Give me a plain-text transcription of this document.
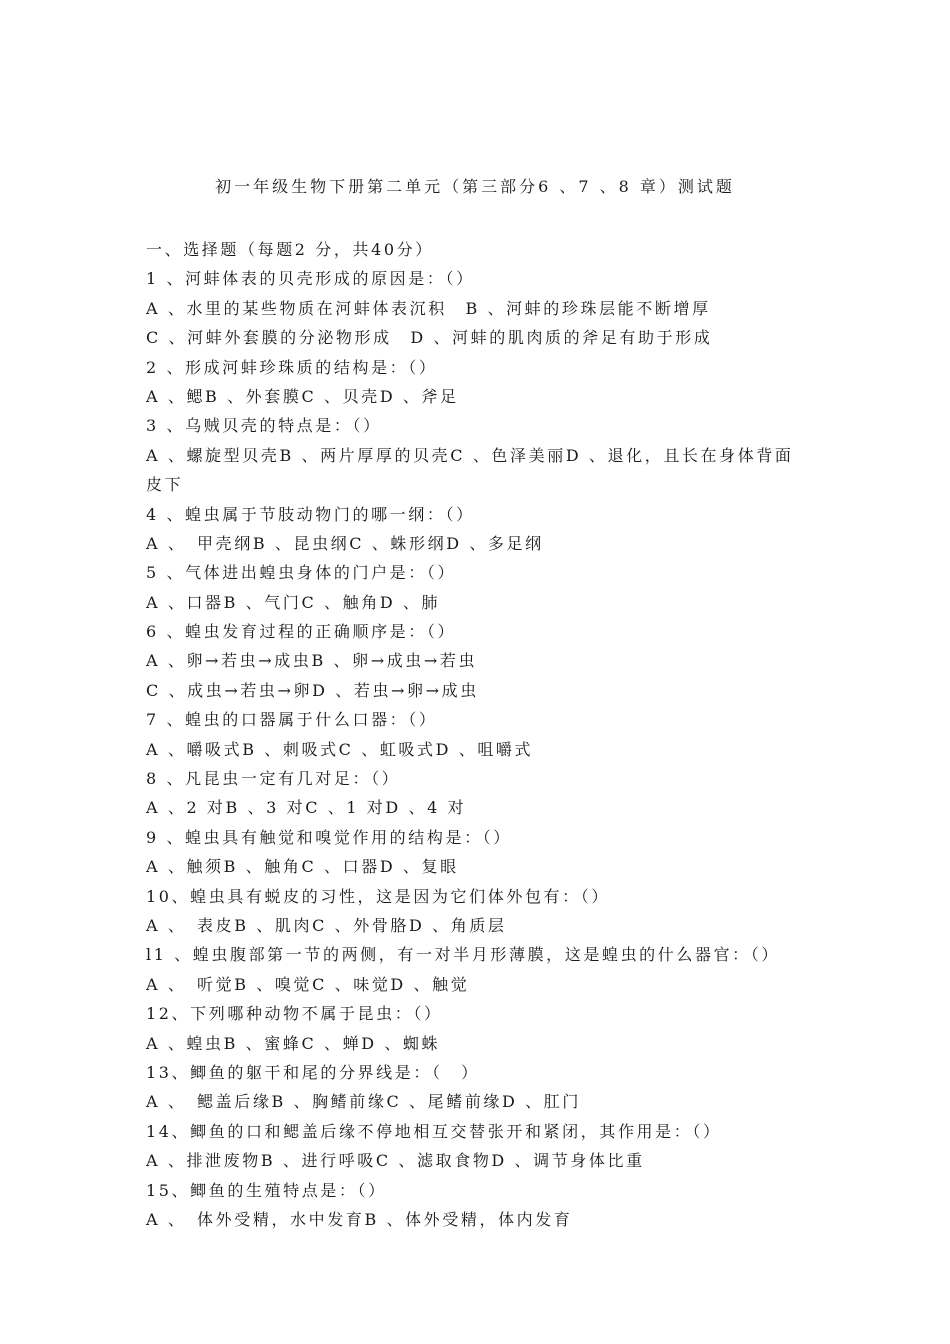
初一年级生物下册第二单元（第三部分6 、7 、8 章）测试题
一、选择题（每题2 分，共40分）
1 、河蚌体表的贝壳形成的原因是：（）
A 、水里的某些物质在河蚌体表沉积　B 、河蚌的珍珠层能不断增厚
C 、河蚌外套膜的分泌物形成　D 、河蚌的肌肉质的斧足有助于形成
2 、形成河蚌珍珠质的结构是：（）
A 、鳃B 、外套膜C 、贝壳D 、斧足
3 、乌贼贝壳的特点是：（）
A 、螺旋型贝壳B 、两片厚厚的贝壳C 、色泽美丽D 、退化，且长在身体背面
皮下
4 、蝗虫属于节肢动物门的哪一纲：（）
A 、　甲壳纲B 、昆虫纲C 、蛛形纲D 、多足纲
5 、气体进出蝗虫身体的门户是：（）
A 、口器B 、气门C 、触角D 、肺
6 、蝗虫发育过程的正确顺序是：（）
A 、卵→若虫→成虫B 、卵→成虫→若虫
C 、成虫→若虫→卵D 、若虫→卵→成虫
7 、蝗虫的口器属于什么口器：（）
A 、嚼吸式B 、刺吸式C 、虹吸式D 、咀嚼式
8 、凡昆虫一定有几对足：（）
A 、2 对B 、3 对C 、1 对D 、4 对
9 、蝗虫具有触觉和嗅觉作用的结构是：（）
A 、触须B 、触角C 、口器D 、复眼
10、蝗虫具有蜕皮的习性，这是因为它们体外包有：（）
A 、　表皮B 、肌肉C 、外骨胳D 、角质层
l1 、蝗虫腹部第一节的两侧，有一对半月形薄膜，这是蝗虫的什么器官：（）
A 、　听觉B 、嗅觉C 、味觉D 、触觉
12、下列哪种动物不属于昆虫：（）
A 、蝗虫B 、蜜蜂C 、蝉D 、蜘蛛
13、鲫鱼的躯干和尾的分界线是：（　）
A 、　鳃盖后缘B 、胸鳍前缘C 、尾鳍前缘D 、肛门
14、鲫鱼的口和鳃盖后缘不停地相互交替张开和紧闭，其作用是：（）
A 、排泄废物B 、进行呼吸C 、滤取食物D 、调节身体比重
15、鲫鱼的生殖特点是：（）
A 、　体外受精，水中发育B 、体外受精，体内发育
